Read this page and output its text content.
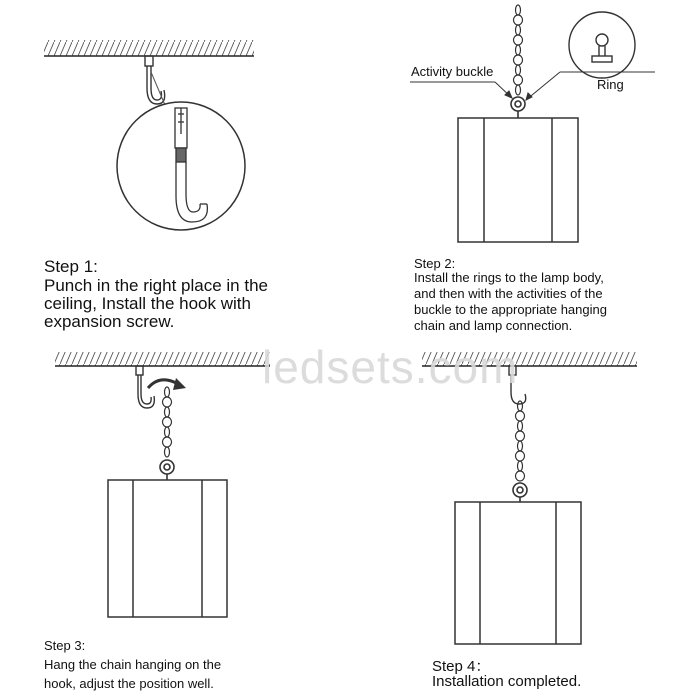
ledsets.com
Activity buckle
Ring
Step 1:
Punch in the right place in the
ceiling, Install the hook with
expansion screw.
Step 2:
Install the rings to the lamp body,
and then with the activities of the
buckle to the appropriate hanging
chain and lamp connection.
Step 3:
Hang the chain hanging on the
hook, adjust the position well.
Step 4：
Installation completed.
